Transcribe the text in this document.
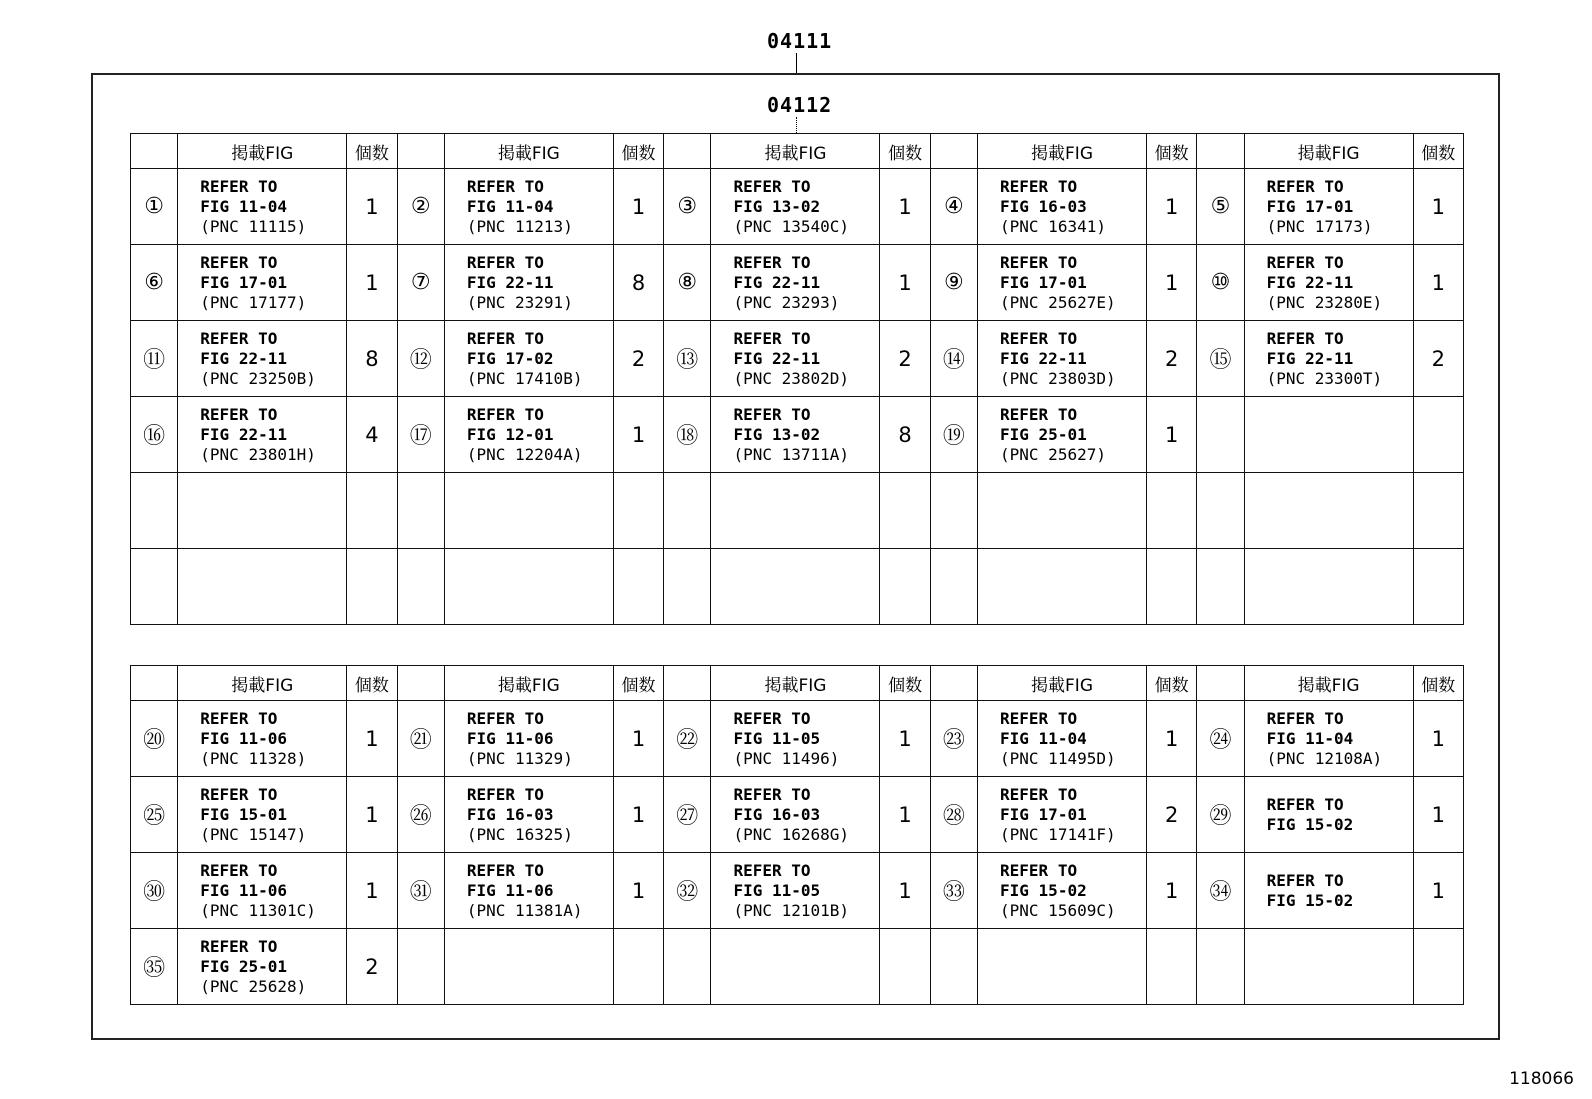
04111
04112
	掲載FIG	個数		掲載FIG	個数		掲載FIG	個数		掲載FIG	個数		掲載FIG	個数
①	REFER TO
FIG 11-04
(PNC 11115)	1	②	REFER TO
FIG 11-04
(PNC 11213)	1	③	REFER TO
FIG 13-02
(PNC 13540C)	1	④	REFER TO
FIG 16-03
(PNC 16341)	1	⑤	REFER TO
FIG 17-01
(PNC 17173)	1
⑥	REFER TO
FIG 17-01
(PNC 17177)	1	⑦	REFER TO
FIG 22-11
(PNC 23291)	8	⑧	REFER TO
FIG 22-11
(PNC 23293)	1	⑨	REFER TO
FIG 17-01
(PNC 25627E)	1	⑩	REFER TO
FIG 22-11
(PNC 23280E)	1
⑪	REFER TO
FIG 22-11
(PNC 23250B)	8	⑫	REFER TO
FIG 17-02
(PNC 17410B)	2	⑬	REFER TO
FIG 22-11
(PNC 23802D)	2	⑭	REFER TO
FIG 22-11
(PNC 23803D)	2	⑮	REFER TO
FIG 22-11
(PNC 23300T)	2
⑯	REFER TO
FIG 22-11
(PNC 23801H)	4	⑰	REFER TO
FIG 12-01
(PNC 12204A)	1	⑱	REFER TO
FIG 13-02
(PNC 13711A)	8	⑲	REFER TO
FIG 25-01
(PNC 25627)	1		

	掲載FIG	個数		掲載FIG	個数		掲載FIG	個数		掲載FIG	個数		掲載FIG	個数
⑳	REFER TO
FIG 11-06
(PNC 11328)	1	㉑	REFER TO
FIG 11-06
(PNC 11329)	1	㉒	REFER TO
FIG 11-05
(PNC 11496)	1	㉓	REFER TO
FIG 11-04
(PNC 11495D)	1	㉔	REFER TO
FIG 11-04
(PNC 12108A)	1
㉕	REFER TO
FIG 15-01
(PNC 15147)	1	㉖	REFER TO
FIG 16-03
(PNC 16325)	1	㉗	REFER TO
FIG 16-03
(PNC 16268G)	1	㉘	REFER TO
FIG 17-01
(PNC 17141F)	2	㉙	REFER TO
FIG 15-02	1
㉚	REFER TO
FIG 11-06
(PNC 11301C)	1	㉛	REFER TO
FIG 11-06
(PNC 11381A)	1	㉜	REFER TO
FIG 11-05
(PNC 12101B)	1	㉝	REFER TO
FIG 15-02
(PNC 15609C)	1	㉞	REFER TO
FIG 15-02	1
㉟	REFER TO
FIG 25-01
(PNC 25628)	2		

118066
